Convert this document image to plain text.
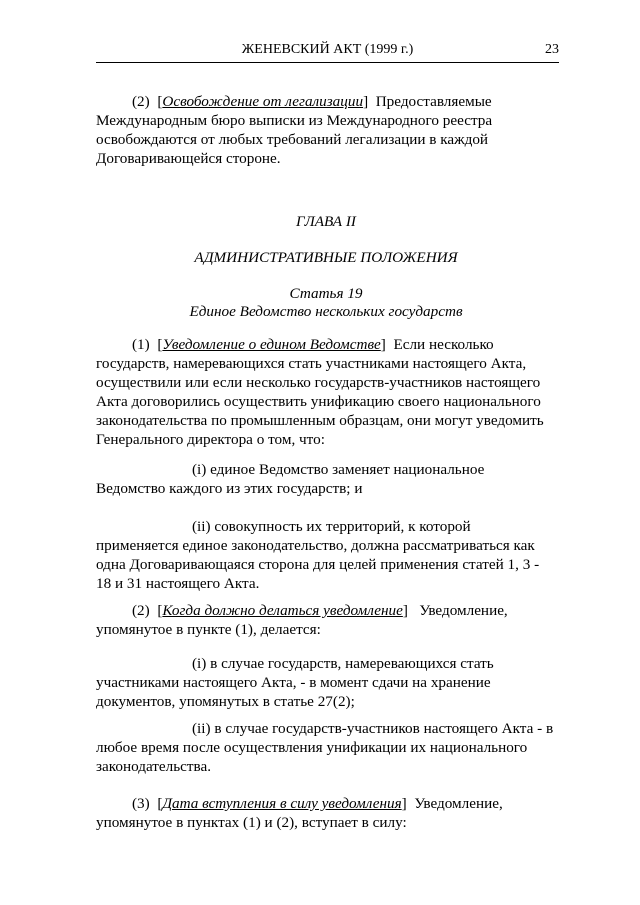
ЖЕНЕВСКИЙ АКТ (1999 г.)	23

(2)  [Освобождение от легализации]  Предоставляемые Международным бюро выписки из Международного реестра освобождаются от любых требований легализации в каждой Договаривающейся стороне.

ГЛАВА II

АДМИНИСТРАТИВНЫЕ ПОЛОЖЕНИЯ

Статья 19

Единое Ведомство нескольких государств

(1)  [Уведомление о едином Ведомстве]  Если несколько государств, намеревающихся стать участниками настоящего Акта, осуществили или если несколько государств-участников настоящего Акта договорились осуществить унификацию своего национального законодательства по промышленным образцам, они могут уведомить Генерального директора о том, что:

(i) единое Ведомство заменяет национальное Ведомство каждого из этих государств; и

(ii) совокупность их территорий, к которой применяется единое законодательство, должна рассматриваться как одна Договаривающаяся сторона для целей применения статей 1, 3 - 18 и 31 настоящего Акта.

(2)  [Когда должно делаться уведомление]   Уведомление, упомянутое в пункте (1), делается:

(i) в случае государств, намеревающихся стать участниками настоящего Акта, - в момент сдачи на хранение документов, упомянутых в статье 27(2);

(ii) в случае государств-участников настоящего Акта - в любое время после осуществления унификации их национального законодательства.

(3)  [Дата вступления в силу уведомления]  Уведомление, упомянутое в пунктах (1) и (2), вступает в силу:
